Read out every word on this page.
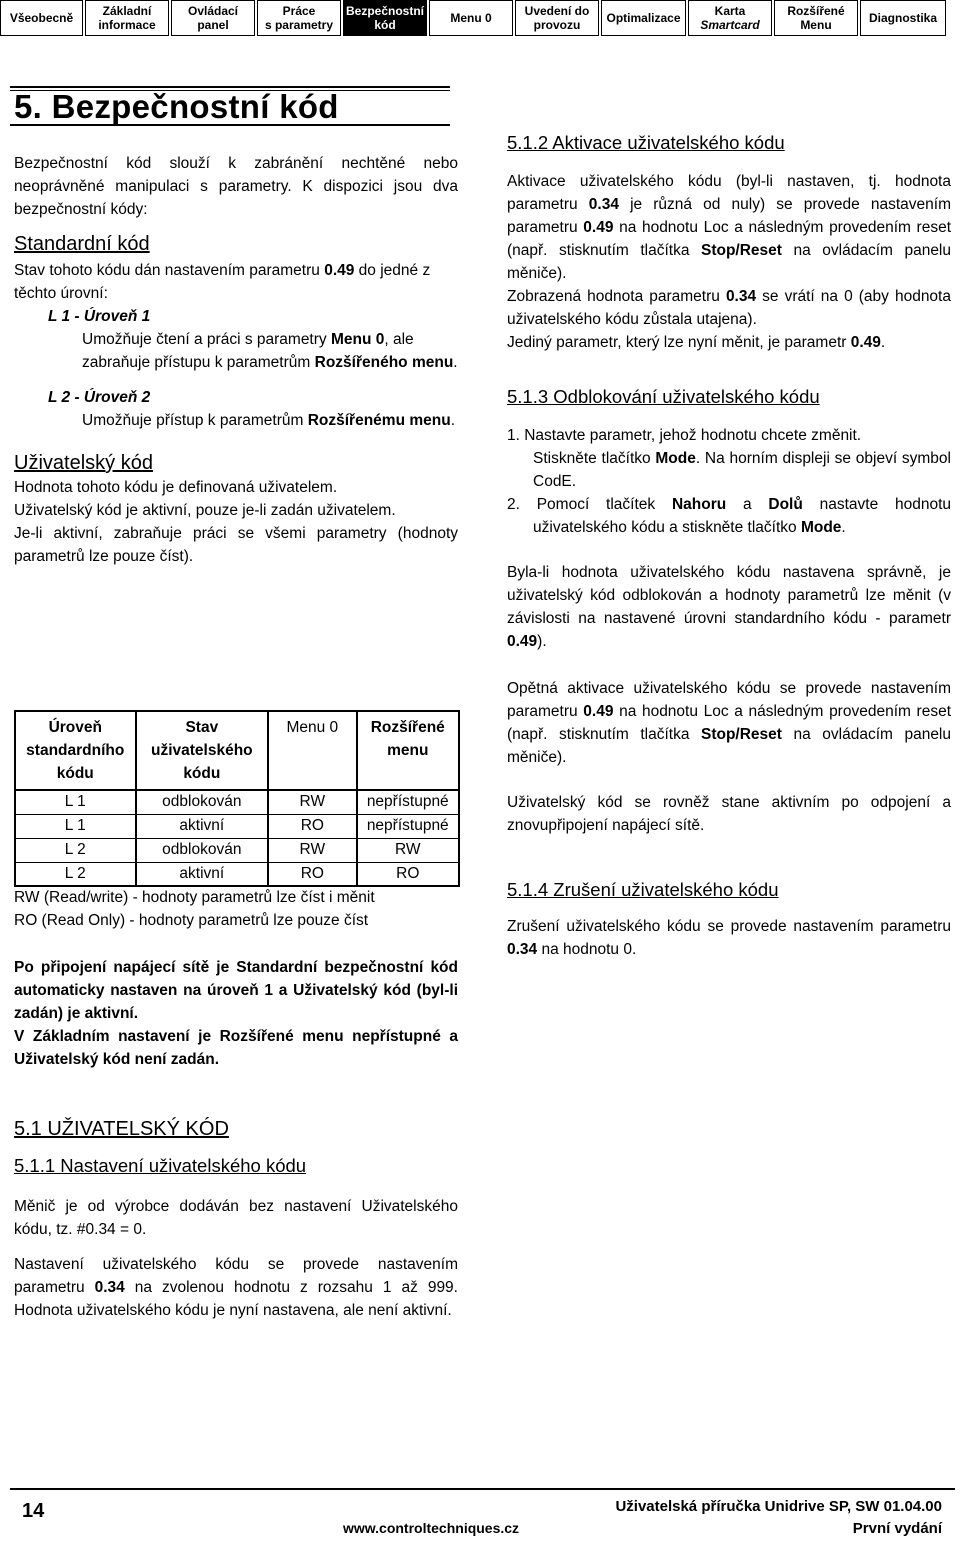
Všeobecně	Základní
informace
Ovládací
panel
Práce
s parametry
Bezpečnostní
kód	Menu 0	Uvedení do
provozu	Optimalizace	Karta
Smartcard
Rozšířené
Menu	Diagnostika
5. Bezpečnostní kód

Bezpečnostní kód slouží k zabránění nechtěné nebo neoprávněné manipulaci s parametry. K dispozici jsou dva bezpečnostní kódy:

Standardní kód

Stav tohoto kódu dán nastavením parametru 0.49 do jedné z těchto úrovní:

L 1 - Úroveň 1

Umožňuje čtení a práci s parametry Menu 0, ale zabraňuje přístupu k parametrům Rozšířeného menu.

L 2 - Úroveň 2

Umožňuje přístup k parametrům Rozšířenému menu.

Uživatelský kód

Hodnota tohoto kódu je definovaná uživatelem.

Uživatelský kód je aktivní, pouze je-li zadán uživatelem.

Je-li aktivní, zabraňuje práci se všemi parametry (hodnoty parametrů lze pouze číst).

Úroveň standardního kódu	Stav uživatelského kódu	Menu 0	Rozšířené menu
L 1	odblokován	RW	nepřístupné
L 1	aktivní	RO	nepřístupné
L 2	odblokován	RW	RW
L 2	aktivní	RO	RO

RW (Read/write) - hodnoty parametrů lze číst i měnit

RO (Read Only) - hodnoty parametrů lze pouze číst

Po připojení napájecí sítě je Standardní bezpečnostní kód automaticky nastaven na úroveň 1 a Uživatelský kód (byl-li zadán) je aktivní.

V Základním nastavení je Rozšířené menu nepřístupné a Uživatelský kód není zadán.

5.1 UŽIVATELSKÝ KÓD
5.1.1 Nastavení uživatelského kódu

Měnič je od výrobce dodáván bez nastavení Uživatelského kódu, tz. #0.34 = 0.

Nastavení uživatelského kódu se provede nastavením parametru 0.34 na zvolenou hodnotu z rozsahu 1 až 999. Hodnota uživatelského kódu je nyní nastavena, ale není aktivní.

5.1.2 Aktivace uživatelského kódu

Aktivace uživatelského kódu (byl-li nastaven, tj. hodnota parametru 0.34 je různá od nuly) se provede nastavením parametru 0.49 na hodnotu Loc a následným provedením reset (např. stisknutím tlačítka Stop/Reset na ovládacím panelu měniče).

Zobrazená hodnota parametru 0.34 se vrátí na 0 (aby hodnota uživatelského kódu zůstala utajena).

Jediný parametr, který lze nyní měnit, je parametr 0.49.

5.1.3 Odblokování uživatelského kódu

1. Nastavte parametr, jehož hodnotu chcete změnit.

Stiskněte tlačítko Mode. Na horním displeji se objeví symbol CodE.

2. Pomocí tlačítek Nahoru a Dolů nastavte hodnotu uživatelského kódu a stiskněte tlačítko Mode.

Byla-li hodnota uživatelského kódu nastavena správně, je uživatelský kód odblokován a hodnoty parametrů lze měnit (v závislosti na nastavené úrovni standardního kódu - parametr 0.49).

Opětná aktivace uživatelského kódu se provede nastavením parametru 0.49 na hodnotu Loc a následným provedením reset (např. stisknutím tlačítka Stop/Reset na ovládacím panelu měniče).

Uživatelský kód se rovněž stane aktivním po odpojení a znovupřipojení napájecí sítě.

5.1.4 Zrušení uživatelského kódu

Zrušení uživatelského kódu se provede nastavením parametru 0.34 na hodnotu 0.

14	Uživatelská příručka Unidrive SP, SW 01.04.00
www.controltechniques.cz	První vydání
